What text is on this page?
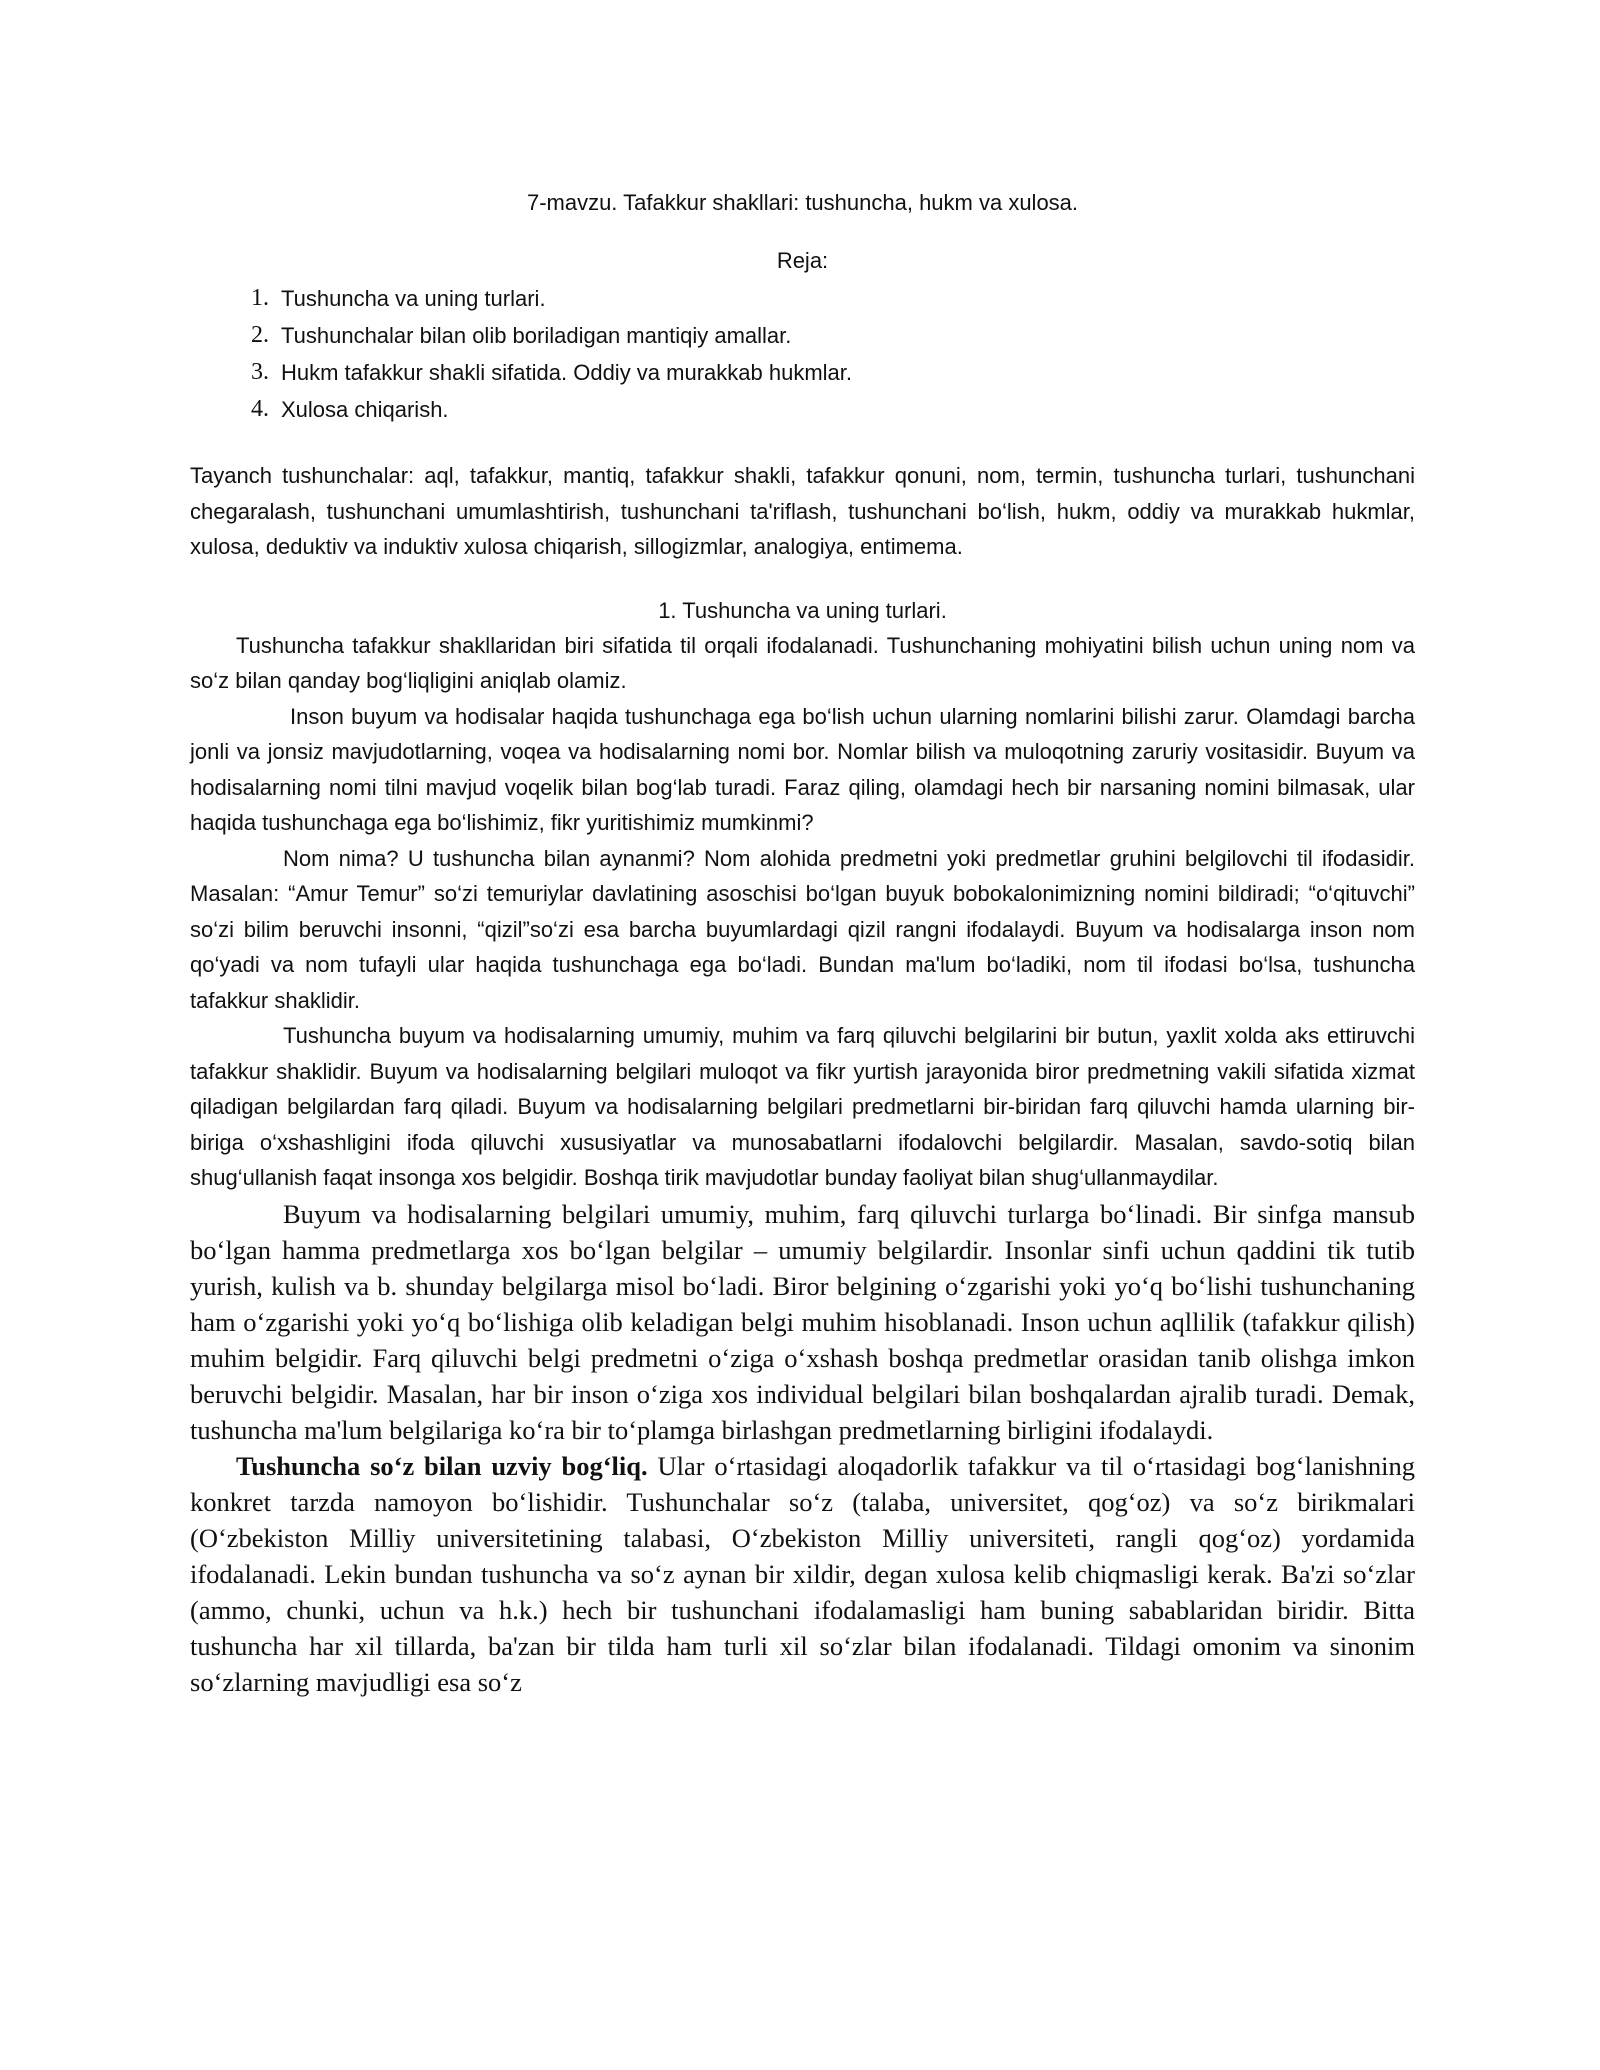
7-mavzu. Tafakkur shakllari: tushuncha, hukm va xulosa.

Reja:

1. Tushuncha va uning turlari.
2. Tushunchalar bilan olib boriladigan mantiqiy amallar.
3. Hukm tafakkur shakli sifatida. Oddiy va murakkab hukmlar.
4. Xulosa chiqarish.

Tayanch tushunchalar: aql, tafakkur, mantiq, tafakkur shakli, tafakkur qonuni, nom, termin, tushuncha turlari, tushunchani chegaralash, tushunchani umumlashtirish, tushunchani ta'riflash, tushunchani bo‘lish, hukm, oddiy va murakkab hukmlar, xulosa, deduktiv va induktiv xulosa chiqarish, sillogizmlar, analogiya, entimema.

1. Tushuncha va uning turlari.

Tushuncha tafakkur shakllaridan biri sifatida til orqali ifodalanadi. Tushunchaning mohiyatini bilish uchun uning nom va so‘z bilan qanday bog‘liqligini aniqlab olamiz.

Inson buyum va hodisalar haqida tushunchaga ega bo‘lish uchun ularning nomlarini bilishi zarur. Olamdagi barcha jonli va jonsiz mavjudotlarning, voqea va hodisalarning nomi bor. Nomlar bilish va muloqotning zaruriy vositasidir. Buyum va hodisalarning nomi tilni mavjud voqelik bilan bog‘lab turadi. Faraz qiling, olamdagi hech bir narsaning nomini bilmasak, ular haqida tushunchaga ega bo‘lishimiz, fikr yuritishimiz mumkinmi?

Nom nima? U tushuncha bilan aynanmi? Nom alohida predmetni yoki predmetlar gruhini belgilovchi til ifodasidir. Masalan: “Amur Temur” so‘zi temuriylar davlatining asoschisi bo‘lgan buyuk bobokalonimizning nomini bildiradi; “o‘qituvchi” so‘zi bilim beruvchi insonni, “qizil”so‘zi esa barcha buyumlardagi qizil rangni ifodalaydi. Buyum va hodisalarga inson nom qo‘yadi va nom tufayli ular haqida tushunchaga ega bo‘ladi. Bundan ma'lum bo‘ladiki, nom til ifodasi bo‘lsa, tushuncha tafakkur shaklidir.

Tushuncha buyum va hodisalarning umumiy, muhim va farq qiluvchi belgilarini bir butun, yaxlit xolda aks ettiruvchi tafakkur shaklidir. Buyum va hodisalarning belgilari muloqot va fikr yurtish jarayonida biror predmetning vakili sifatida xizmat qiladigan belgilardan farq qiladi. Buyum va hodisalarning belgilari predmetlarni bir-biridan farq qiluvchi hamda ularning bir-biriga o‘xshashligini ifoda qiluvchi xususiyatlar va munosabatlarni ifodalovchi belgilardir. Masalan, savdo-sotiq bilan shug‘ullanish faqat insonga xos belgidir. Boshqa tirik mavjudotlar bunday faoliyat bilan shug‘ullanmaydilar.

Buyum va hodisalarning belgilari umumiy, muhim, farq qiluvchi turlarga bo‘linadi. Bir sinfga mansub bo‘lgan hamma predmetlarga xos bo‘lgan belgilar – umumiy belgilardir. Insonlar sinfi uchun qaddini tik tutib yurish, kulish va b. shunday belgilarga misol bo‘ladi. Biror belgining o‘zgarishi yoki yo‘q bo‘lishi tushunchaning ham o‘zgarishi yoki yo‘q bo‘lishiga olib keladigan belgi muhim hisoblanadi. Inson uchun aqllilik (tafakkur qilish) muhim belgidir. Farq qiluvchi belgi predmetni o‘ziga o‘xshash boshqa predmetlar orasidan tanib olishga imkon beruvchi belgidir. Masalan, har bir inson o‘ziga xos individual belgilari bilan boshqalardan ajralib turadi. Demak, tushuncha ma'lum belgilariga ko‘ra bir to‘plamga birlashgan predmetlarning birligini ifodalaydi.

Tushuncha so‘z bilan uzviy bog‘liq. Ular o‘rtasidagi aloqadorlik tafakkur va til o‘rtasidagi bog‘lanishning konkret tarzda namoyon bo‘lishidir. Tushunchalar so‘z (talaba, universitet, qog‘oz) va so‘z birikmalari (O‘zbekiston Milliy universitetining talabasi, O‘zbekiston Milliy universiteti, rangli qog‘oz) yordamida ifodalanadi. Lekin bundan tushuncha va so‘z aynan bir xildir, degan xulosa kelib chiqmasligi kerak. Ba'zi so‘zlar (ammo, chunki, uchun va h.k.) hech bir tushunchani ifodalamasligi ham buning sabablaridan biridir. Bitta tushuncha har xil tillarda, ba'zan bir tilda ham turli xil so‘zlar bilan ifodalanadi. Tildagi omonim va sinonim so‘zlarning mavjudligi esa so‘z
